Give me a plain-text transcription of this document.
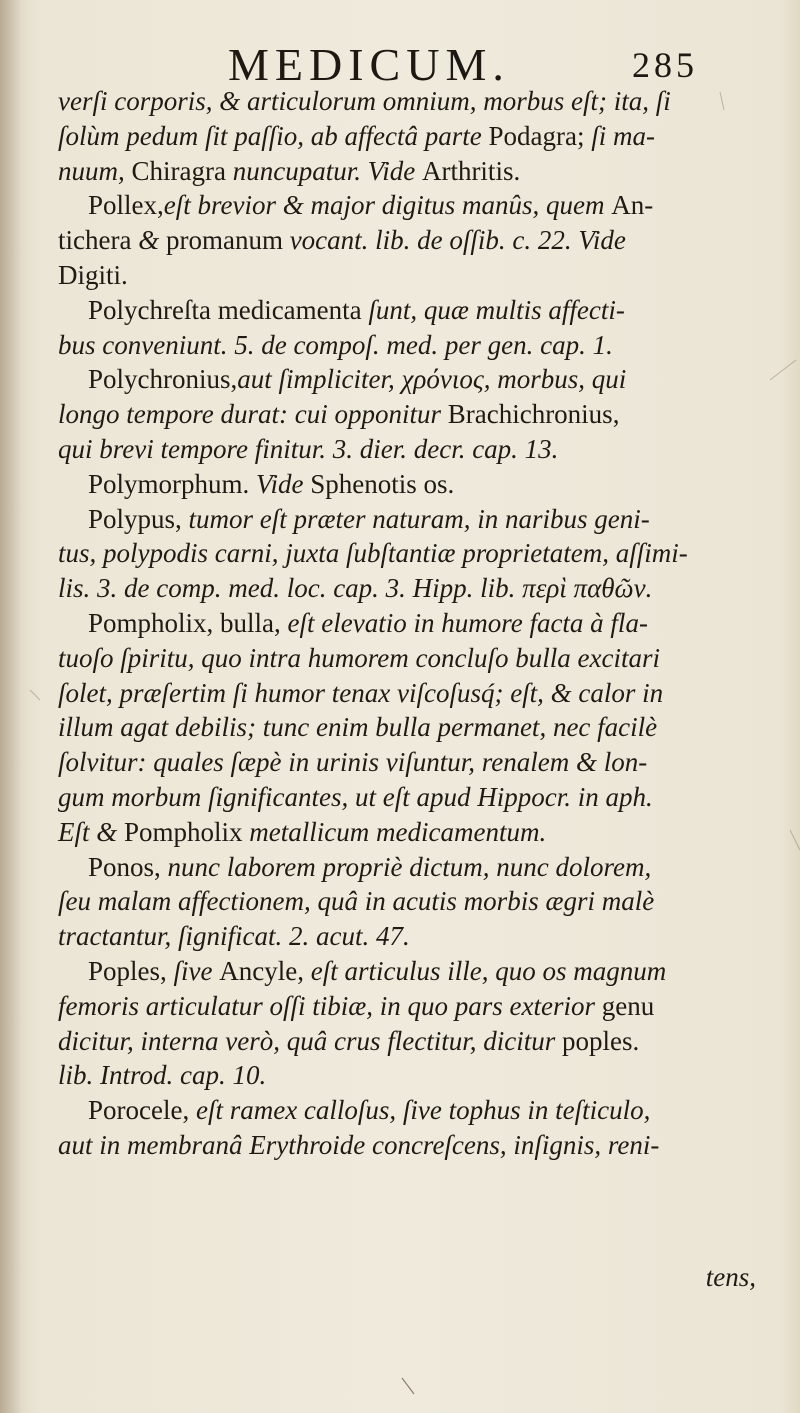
MEDICUM.	285
verſi corporis, & articulorum omnium, morbus eſt; ita, ſi
ſolùm pedum ſit paſſio, ab affectâ parte Podagra; ſi ma-
nuum, Chiragra nuncupatur. Vide Arthritis.
Pollex,eſt brevior & major digitus manûs, quem An-
tichera & promanum vocant. lib. de oſſib. c. 22. Vide
Digiti.
Polychreſta medicamenta ſunt, quæ multis affecti-
bus conveniunt. 5. de compoſ. med. per gen. cap. 1.
Polychronius,aut ſimpliciter, χρόνιος, morbus, qui
longo tempore durat: cui opponitur Brachichronius,
qui brevi tempore finitur. 3. dier. decr. cap. 13.
Polymorphum. Vide Sphenotis os.
Polypus, tumor eſt præter naturam, in naribus geni-
tus, polypodis carni, juxta ſubſtantiæ proprietatem, aſſimi-
lis. 3. de comp. med. loc. cap. 3. Hipp. lib. περὶ παθῶν.
Pompholix, bulla, eſt elevatio in humore facta à fla-
tuoſo ſpiritu, quo intra humorem concluſo bulla excitari
ſolet, præſertim ſi humor tenax viſcoſusq́; eſt, & calor in
illum agat debilis; tunc enim bulla permanet, nec facilè
ſolvitur: quales ſæpè in urinis viſuntur, renalem & lon-
gum morbum ſignificantes, ut eſt apud Hippocr. in aph.
Eſt & Pompholix metallicum medicamentum.
Ponos, nunc laborem propriè dictum, nunc dolorem,
ſeu malam affectionem, quâ in acutis morbis ægri malè
tractantur, ſignificat. 2. acut. 47.
Poples, ſive Ancyle, eſt articulus ille, quo os magnum
femoris articulatur oſſi tibiæ, in quo pars exterior genu
dicitur, interna verò, quâ crus flectitur, dicitur poples.
lib. Introd. cap. 10.
Porocele, eſt ramex calloſus, ſive tophus in teſticulo,
aut in membranâ Erythroide concreſcens, inſignis, reni-
tens,
